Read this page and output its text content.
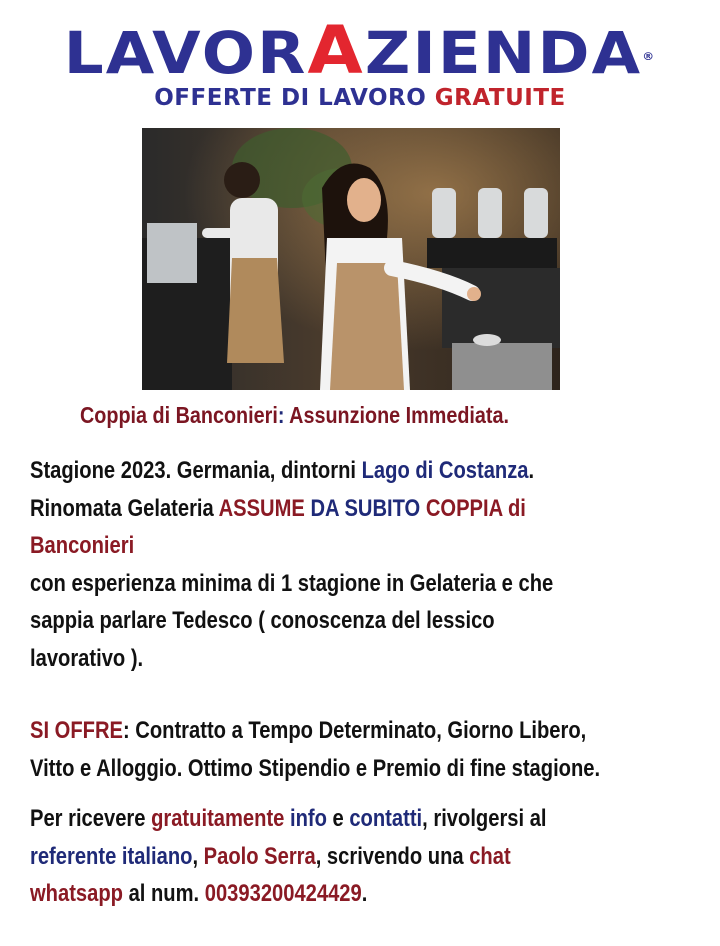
LAVORAZIENDA®
OFFERTE DI LAVORO GRATUITE
Coppia di Banconieri: Assunzione Immediata.
Stagione 2023. Germania, dintorni Lago di Costanza.
Rinomata Gelateria ASSUME DA SUBITO COPPIA di
Banconieri
con esperienza minima di 1 stagione in Gelateria e che
sappia parlare Tedesco ( conoscenza del lessico
lavorativo ).
SI OFFRE: Contratto a Tempo Determinato, Giorno Libero,
Vitto e Alloggio. Ottimo Stipendio e Premio di fine stagione.
Per ricevere gratuitamente info e contatti, rivolgersi al
referente italiano, Paolo Serra, scrivendo una chat
whatsapp al num. 00393200424429.
